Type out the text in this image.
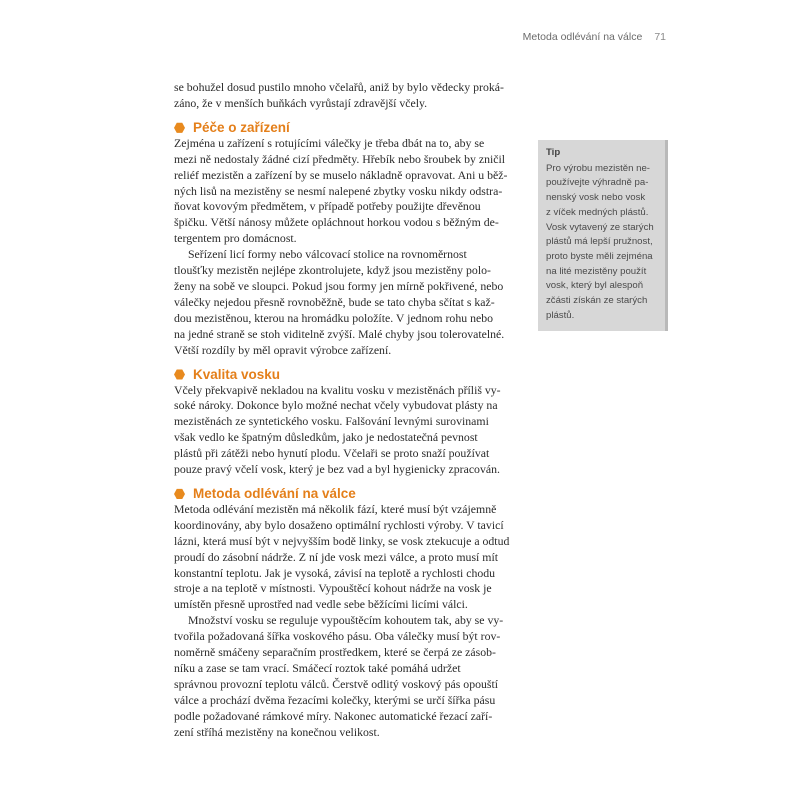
Metoda odlévání na válce 71

se bohužel dosud pustilo mnoho včelařů, aniž by bylo vědecky proká-
záno, že v menších buňkách vyrůstají zdravější včely.

Péče o zařízení

Zejména u zařízení s rotujícími válečky je třeba dbát na to, aby se
mezi ně nedostaly žádné cizí předměty. Hřebík nebo šroubek by zničil
reliéf mezistěn a zařízení by se muselo nákladně opravovat. Ani u běž-
ných lisů na mezistěny se nesmí nalepené zbytky vosku nikdy odstra-
ňovat kovovým předmětem, v případě potřeby použijte dřevěnou
špičku. Větší nánosy můžete opláchnout horkou vodou s běžným de-
tergentem pro domácnost.

Seřízení licí formy nebo válcovací stolice na rovnoměrnost
tloušťky mezistěn nejlépe zkontrolujete, když jsou mezistěny polo-
ženy na sobě ve sloupci. Pokud jsou formy jen mírně pokřivené, nebo
válečky nejedou přesně rovnoběžně, bude se tato chyba sčítat s kaž-
dou mezistěnou, kterou na hromádku položíte. V jednom rohu nebo
na jedné straně se stoh viditelně zvýší. Malé chyby jsou tolerovatelné.
Větší rozdíly by měl opravit výrobce zařízení.

Kvalita vosku

Včely překvapivě nekladou na kvalitu vosku v mezistěnách příliš vy-
soké nároky. Dokonce bylo možné nechat včely vybudovat plásty na
mezistěnách ze syntetického vosku. Falšování levnými surovinami
však vedlo ke špatným důsledkům, jako je nedostatečná pevnost
plástů při zátěži nebo hynutí plodu. Včelaři se proto snaží používat
pouze pravý včelí vosk, který je bez vad a byl hygienicky zpracován.

Metoda odlévání na válce

Metoda odlévání mezistěn má několik fází, které musí být vzájemně
koordinovány, aby bylo dosaženo optimální rychlosti výroby. V tavicí
lázni, která musí být v nejvyšším bodě linky, se vosk ztekucuje a odtud
proudí do zásobní nádrže. Z ní jde vosk mezi válce, a proto musí mít
konstantní teplotu. Jak je vysoká, závisí na teplotě a rychlosti chodu
stroje a na teplotě v místnosti. Vypouštěcí kohout nádrže na vosk je
umístěn přesně uprostřed nad vedle sebe běžícími licími válci.

Množství vosku se reguluje vypouštěcím kohoutem tak, aby se vy-
tvořila požadovaná šířka voskového pásu. Oba válečky musí být rov-
noměrně smáčeny separačním prostředkem, které se čerpá ze zásob-
níku a zase se tam vrací. Smáčecí roztok také pomáhá udržet
správnou provozní teplotu válců. Čerstvě odlitý voskový pás opouští
válce a prochází dvěma řezacími kolečky, kterými se určí šířka pásu
podle požadované rámkové míry. Nakonec automatické řezací zaří-
zení stříhá mezistěny na konečnou velikost.

Tip

Pro výrobu mezistěn ne-
používejte výhradně pa-
nenský vosk nebo vosk
z víček medných plástů.
Vosk vytavený ze starých
plástů má lepší pružnost,
proto byste měli zejména
na lité mezistěny použít
vosk, který byl alespoň
zčásti získán ze starých
plástů.
